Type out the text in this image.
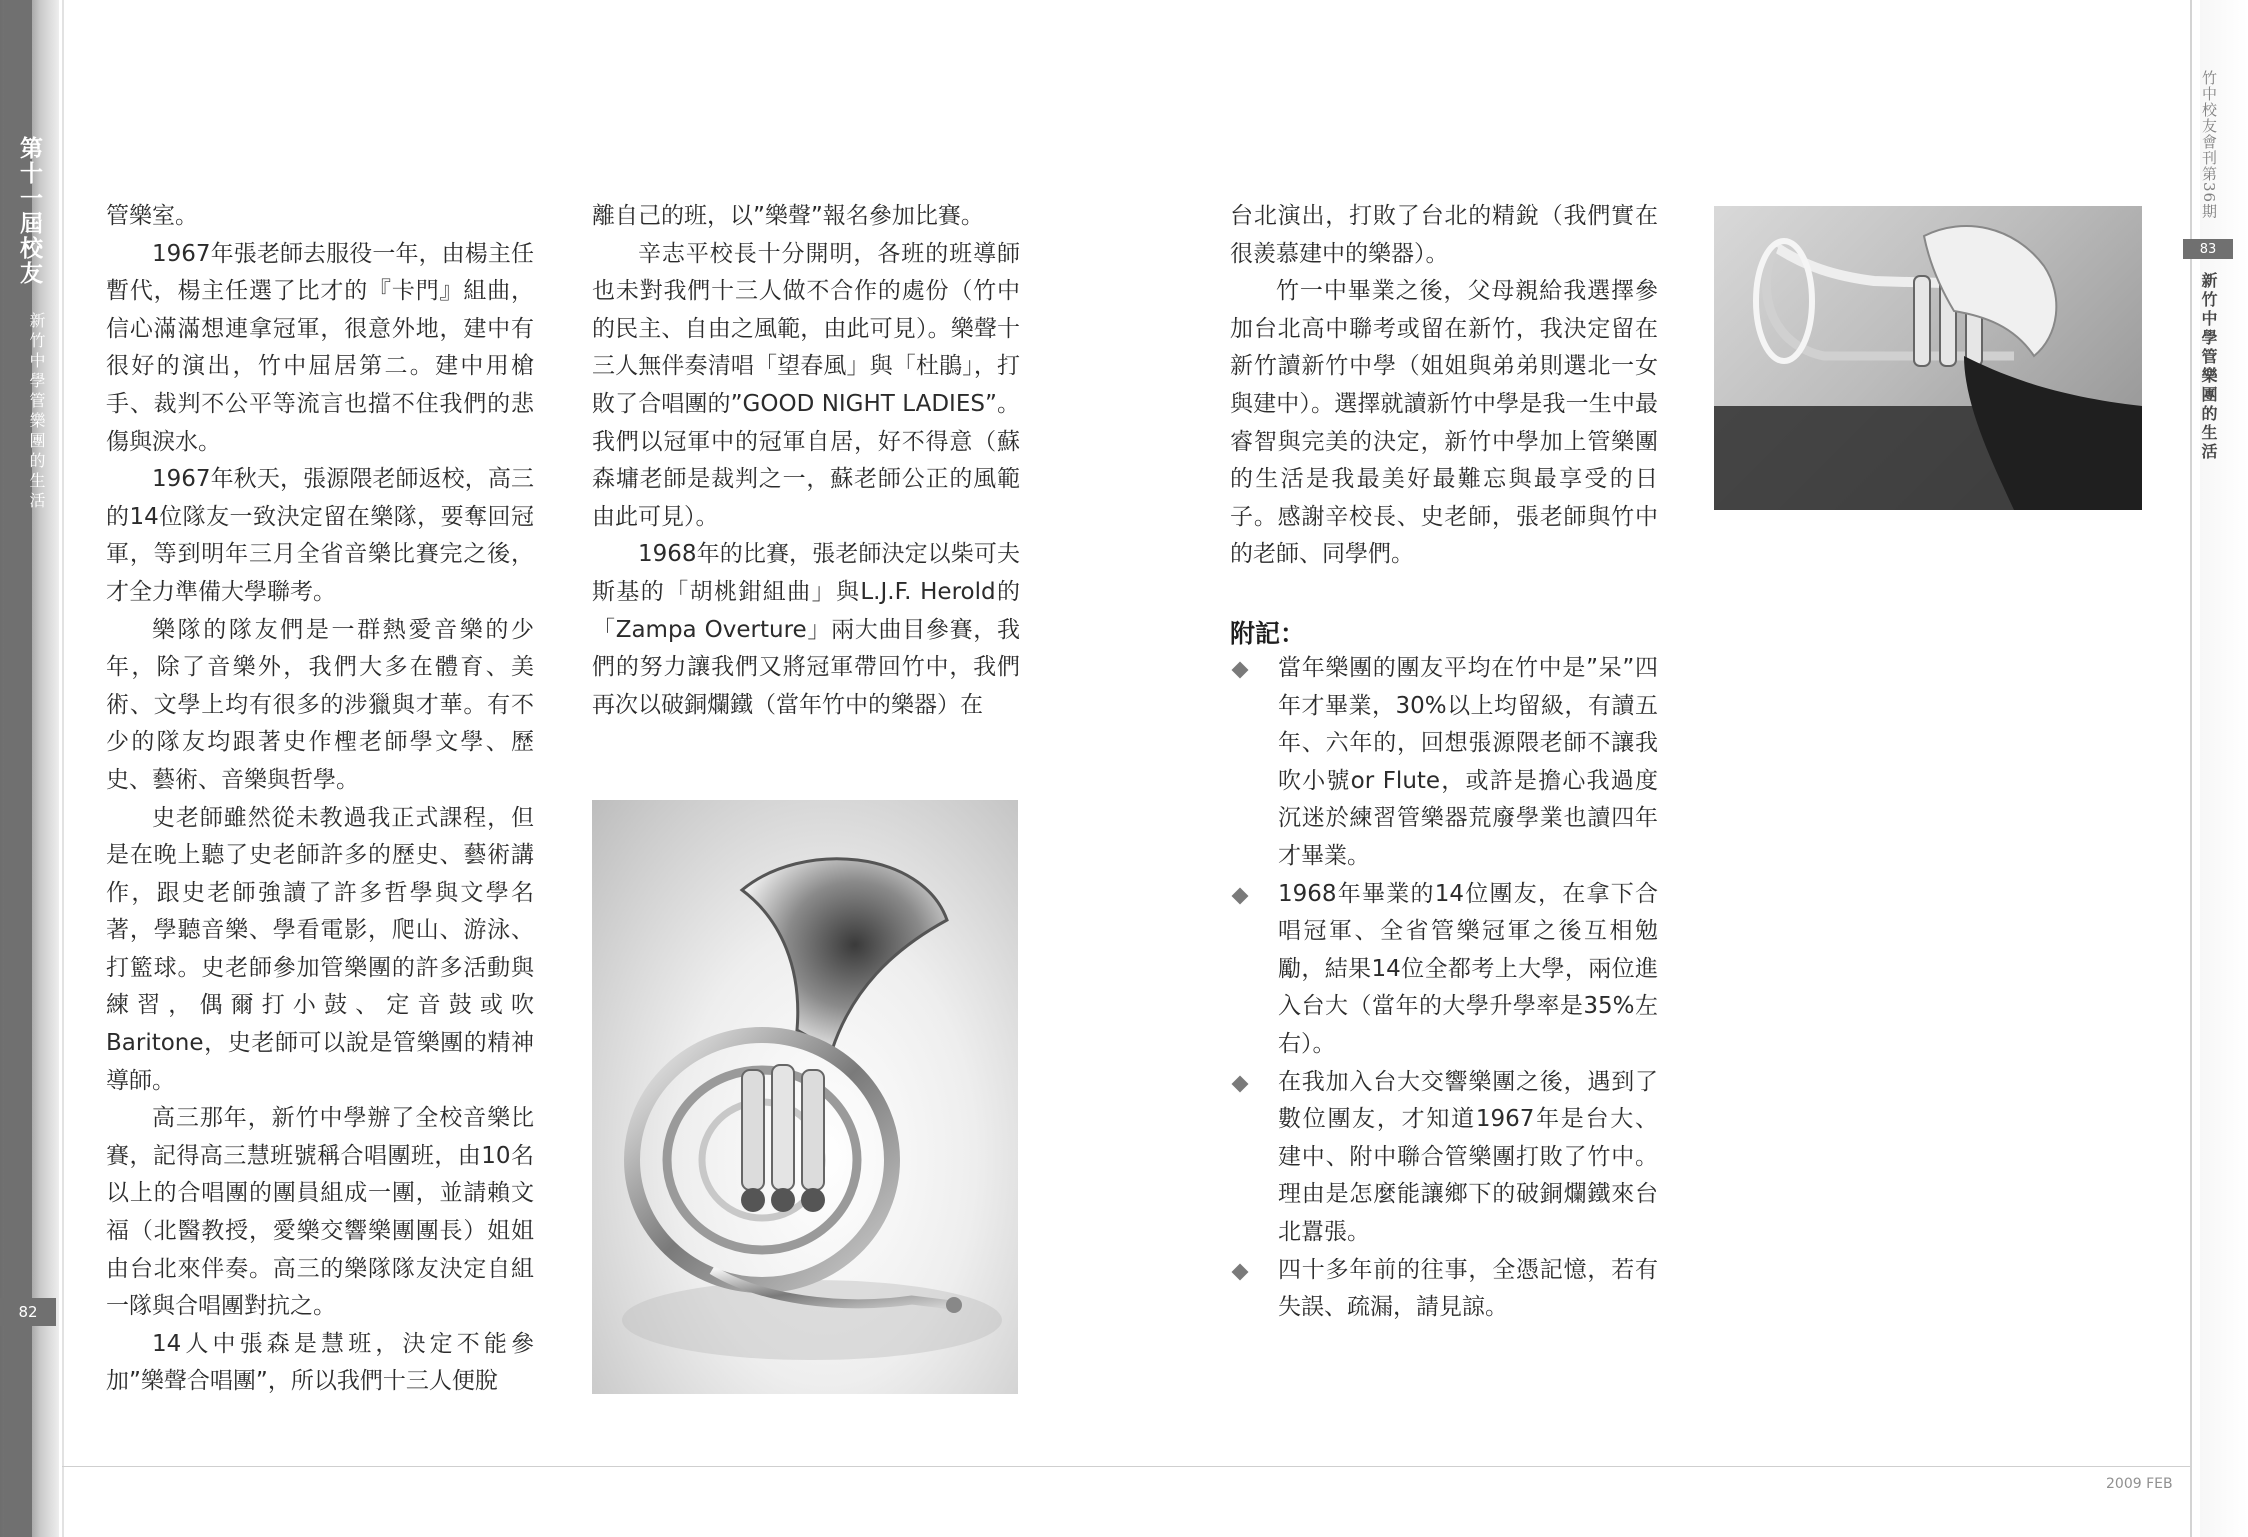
第十一屆校友
新竹中學管樂團的生活
82
竹中校友會刊第36期
83
新竹中學管樂團的生活

管樂室。

1967年張老師去服役一年，由楊主任暫代，楊主任選了比才的『卡門』組曲，信心滿滿想連拿冠軍，很意外地，建中有很好的演出，竹中屈居第二。建中用槍手、裁判不公平等流言也擋不住我們的悲傷與淚水。

1967年秋天，張源隈老師返校，高三的14位隊友一致決定留在樂隊，要奪回冠軍，等到明年三月全省音樂比賽完之後，才全力準備大學聯考。

樂隊的隊友們是一群熱愛音樂的少年，除了音樂外，我們大多在體育、美術、文學上均有很多的涉獵與才華。有不少的隊友均跟著史作檉老師學文學、歷史、藝術、音樂與哲學。

史老師雖然從未教過我正式課程，但是在晚上聽了史老師許多的歷史、藝術講作，跟史老師強讀了許多哲學與文學名著，學聽音樂、學看電影，爬山、游泳、打籃球。史老師參加管樂團的許多活動與練習，偶爾打小鼓、定音鼓或吹Baritone，史老師可以說是管樂團的精神導師。

高三那年，新竹中學辦了全校音樂比賽，記得高三慧班號稱合唱團班，由10名以上的合唱團的團員組成一團，並請賴文福（北醫教授，愛樂交響樂團團長）姐姐由台北來伴奏。高三的樂隊隊友決定自組一隊與合唱團對抗之。

14人中張森是慧班，決定不能參加”樂聲合唱團”，所以我們十三人便脫

離自己的班，以”樂聲”報名參加比賽。

辛志平校長十分開明，各班的班導師也未對我們十三人做不合作的處份（竹中的民主、自由之風範，由此可見）。樂聲十三人無伴奏清唱「望春風」與「杜鵑」，打敗了合唱團的”GOOD NIGHT LADIES”。我們以冠軍中的冠軍自居，好不得意（蘇森墉老師是裁判之一，蘇老師公正的風範由此可見）。

1968年的比賽，張老師決定以柴可夫斯基的「胡桃鉗組曲」與L.J.F. Herold的「Zampa Overture」兩大曲目參賽，我們的努力讓我們又將冠軍帶回竹中，我們再次以破銅爛鐵（當年竹中的樂器）在

台北演出，打敗了台北的精銳（我們實在很羨慕建中的樂器）。

竹一中畢業之後，父母親給我選擇參加台北高中聯考或留在新竹，我決定留在新竹讀新竹中學（姐姐與弟弟則選北一女與建中）。選擇就讀新竹中學是我一生中最睿智與完美的決定，新竹中學加上管樂團的生活是我最美好最難忘與最享受的日子。感謝辛校長、史老師，張老師與竹中的老師、同學們。

附記：
當年樂團的團友平均在竹中是”呆”四年才畢業，30%以上均留級，有讀五年、六年的，回想張源隈老師不讓我吹小號or Flute，或許是擔心我過度沉迷於練習管樂器荒廢學業也讀四年才畢業。
1968年畢業的14位團友，在拿下合唱冠軍、全省管樂冠軍之後互相勉勵，結果14位全都考上大學，兩位進入台大（當年的大學升學率是35%左右）。
在我加入台大交響樂團之後，遇到了數位團友，才知道1967年是台大、建中、附中聯合管樂團打敗了竹中。理由是怎麼能讓鄉下的破銅爛鐵來台北囂張。
四十多年前的往事，全憑記憶，若有失誤、疏漏，請見諒。
2009 FEB
